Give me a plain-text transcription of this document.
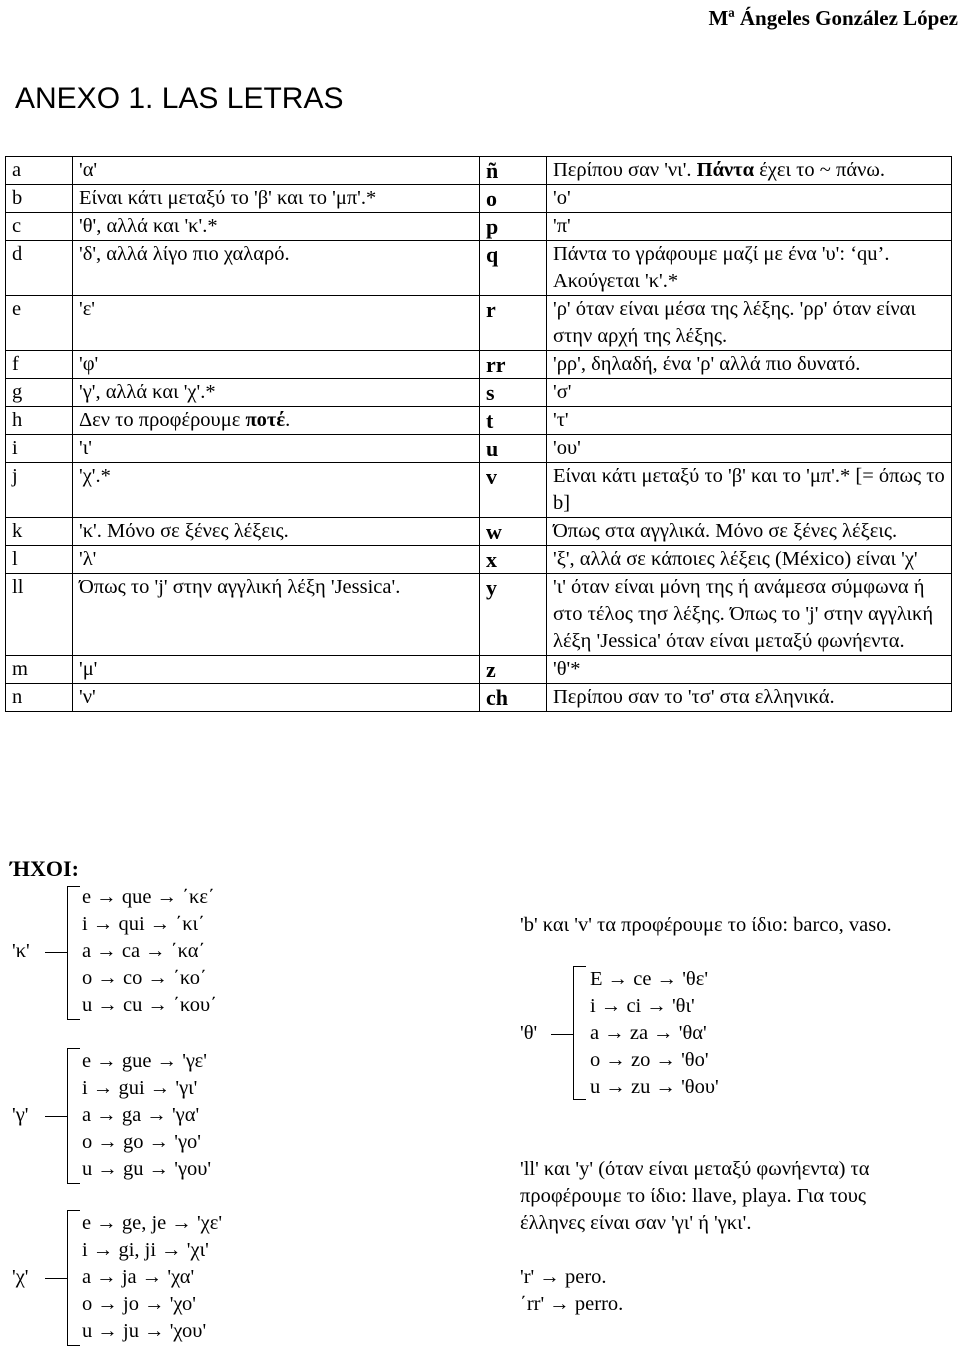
Mª Ángeles González López
ANEXO 1. LAS LETRAS
a	'α'	ñ	Περίπου σαν 'νι'. Πάντα έχει το ~ πάνω.
b	Είναι κάτι μεταξύ το 'β' και το 'μπ'.*	o	'ο'
c	'θ', αλλά και 'κ'.*	p	'π'
d	'δ', αλλά λίγο πιο χαλαρό.	q	Πάντα το γράφουμε μαζί με ένα 'υ': ‘qu’. Ακούγεται 'κ'.*
e	'ε'	r	'ρ' όταν είναι μέσα της λέξης. 'ρρ' όταν είναι στην αρχή της λέξης.
f	'φ'	rr	'ρρ', δηλαδή, ένα 'ρ' αλλά πιο δυνατό.
g	'γ', αλλά και 'χ'.*	s	'σ'
h	Δεν το προφέρουμε ποτέ.	t	'τ'
i	'ι'	u	'ου'
j	'χ'.*	v	Είναι κάτι μεταξύ το 'β' και το 'μπ'.* [= όπως το b]
k	'κ'. Μόνο σε ξένες λέξεις.	w	Όπως στα αγγλικά. Μόνο σε ξένες λέξεις.
l	'λ'	x	'ξ', αλλά σε κάποιες λέξεις (México) είναι 'χ'
ll	Όπως το 'j' στην αγγλική λέξη 'Jessica'.	y	'ι' όταν είναι μόνη της ή ανάμεσα σύμφωνα ή στο τέλος τησ λέξης. Όπως το 'j' στην αγγλική λέξη 'Jessica' όταν είναι μεταξύ φωνήεντα.
m	'μ'	z	'θ'*
n	'ν'	ch	Περίπου σαν το 'τσ' στα ελληνικά.
ΉΧΟΙ:
'κ'
e → que → ΄κε΄
i → qui → ΄κι΄
a → ca → ΄κα΄
o → co → ΄κο΄
u → cu → ΄κου΄
'γ'
e → gue → 'γε'
i → gui → 'γι'
a → ga → 'γα'
o → go → 'γο'
u → gu → 'γου'
'χ'
e → ge, je → 'χε'
i → gi, ji → 'χι'
a → ja → 'χα'
o → jo → 'χο'
u → ju → 'χου'
'b' και 'v' τα προφέρουμε το ίδιο: barco, vaso.
'θ'
E → ce → 'θε'
i → ci → 'θι'
a → za → 'θα'
o → zo → 'θο'
u → zu → 'θου'
'll' και 'y' (όταν είναι μεταξύ φωνήεντα) τα
προφέρουμε το ίδιο: llave, playa. Για τους
έλληνες είναι σαν 'γι' ή 'γκι'.
'r' → pero.
΄rr' → perro.
